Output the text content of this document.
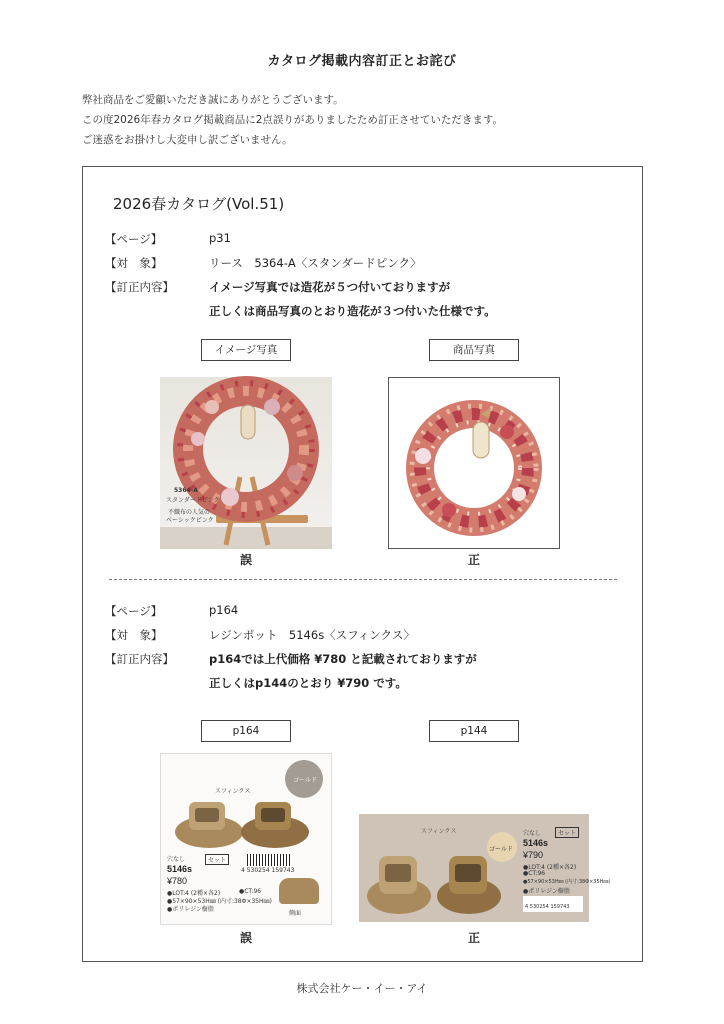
カタログ掲載内容訂正とお詫び
弊社商品をご愛顧いただき誠にありがとうございます。
この度2026年春カタログ掲載商品に2点誤りがありましたため訂正させていただきます。
ご迷惑をお掛けし大変申し訳ございません。
2026春カタログ(Vol.51)
【ページ】	p31
【対　象】	リース　5364-A〈スタンダードピンク〉
【訂正内容】	イメージ写真では造花が５つ付いておりますが
正しくは商品写真のとおり造花が３つ付いた仕様です。
イメージ写真	商品写真
5364-A
スタンダードピンク
不織布の人気の
ベーシックピンク
誤	正
【ページ】	p164
【対　象】	レジンポット　5146s〈スフィンクス〉
【訂正内容】	p164では上代価格 ¥780 と記載されておりますが
正しくはp144のとおり ¥790 です。
p164	p144
ゴールド
スフィンクス
穴なし	セット
5146s
¥780
●LOT:4 (2種×各2)	●CT:96
●57×90×53H㎜ (内寸:38Φ×35H㎜)
●ポリレジン樹脂
4 530254 159743
側面
スフィンクス
ゴールド
穴なし	セット
5146s
¥790
●LOT:4 (2種×各2)
●CT:96
●57×90×53H㎜ (内寸:38Φ×35H㎜)
●ポリレジン樹脂
4 530254 159743
誤	正
株式会社ケー・イー・アイ
